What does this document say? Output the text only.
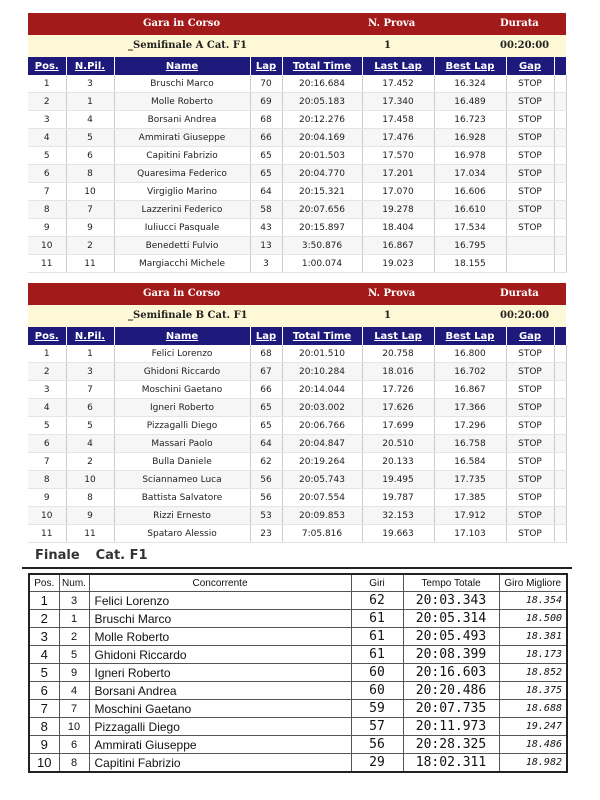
Gara in Corso	N. Prova	Durata
_Semifinale A Cat. F1	1	00:20:00
Pos.	N.Pil.	Name	Lap	Total Time	Last Lap	Best Lap	Gap	
1	3	Bruschi Marco	70	20:16.684	17.452	16.324	STOP	
2	1	Molle Roberto	69	20:05.183	17.340	16.489	STOP	
3	4	Borsani Andrea	68	20:12.276	17.458	16.723	STOP	
4	5	Ammirati Giuseppe	66	20:04.169	17.476	16.928	STOP	
5	6	Capitini Fabrizio	65	20:01.503	17.570	16.978	STOP	
6	8	Quaresima Federico	65	20:04.770	17.201	17.034	STOP	
7	10	Virgiglio Marino	64	20:15.321	17.070	16.606	STOP	
8	7	Lazzerini Federico	58	20:07.656	19.278	16.610	STOP	
9	9	Iuliucci Pasquale	43	20:15.897	18.404	17.534	STOP	
10	2	Benedetti Fulvio	13	3:50.876	16.867	16.795		
11	11	Margiacchi Michele	3	1:00.074	19.023	18.155		
Gara in Corso	N. Prova	Durata
_Semifinale B Cat. F1	1	00:20:00
Pos.	N.Pil.	Name	Lap	Total Time	Last Lap	Best Lap	Gap	
1	1	Felici Lorenzo	68	20:01.510	20.758	16.800	STOP	
2	3	Ghidoni Riccardo	67	20:10.284	18.016	16.702	STOP	
3	7	Moschini Gaetano	66	20:14.044	17.726	16.867	STOP	
4	6	Igneri Roberto	65	20:03.002	17.626	17.366	STOP	
5	5	Pizzagalli Diego	65	20:06.766	17.699	17.296	STOP	
6	4	Massari Paolo	64	20:04.847	20.510	16.758	STOP	
7	2	Bulla Daniele	62	20:19.264	20.133	16.584	STOP	
8	10	Sciannameo Luca	56	20:05.743	19.495	17.735	STOP	
9	8	Battista Salvatore	56	20:07.554	19.787	17.385	STOP	
10	9	Rizzi Ernesto	53	20:09.853	32.153	17.912	STOP	
11	11	Spataro Alessio	23	7:05.816	19.663	17.103	STOP	
Finale Cat. F1
Pos.	Num.	Concorrente	Giri	Tempo Totale	Giro Migliore
1	3	Felici Lorenzo	62	20:03.343	18.354
2	1	Bruschi Marco	61	20:05.314	18.500
3	2	Molle Roberto	61	20:05.493	18.381
4	5	Ghidoni Riccardo	61	20:08.399	18.173
5	9	Igneri Roberto	60	20:16.603	18.852
6	4	Borsani Andrea	60	20:20.486	18.375
7	7	Moschini Gaetano	59	20:07.735	18.688
8	10	Pizzagalli Diego	57	20:11.973	19.247
9	6	Ammirati Giuseppe	56	20:28.325	18.486
10	8	Capitini Fabrizio	29	18:02.311	18.982
